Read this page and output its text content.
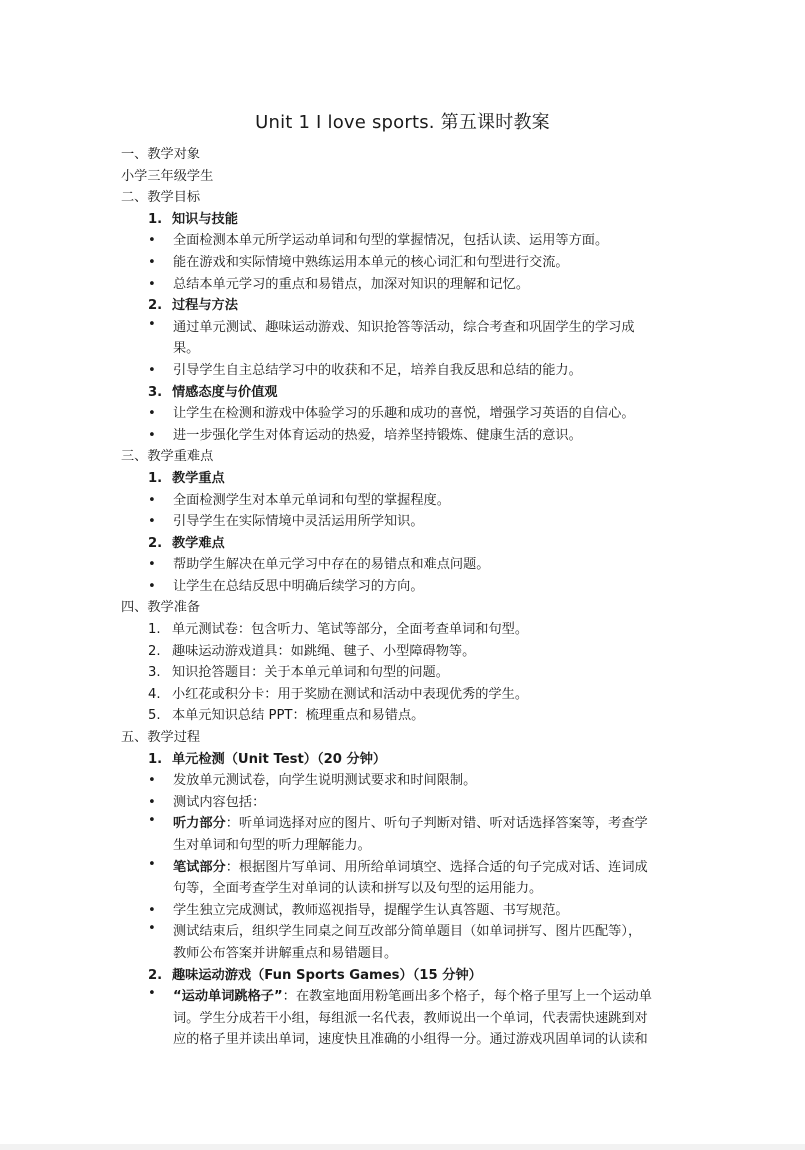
Unit 1 I love sports. 第五课时教案
一、教学对象
小学三年级学生
二、教学目标
1. 知识与技能
• 全面检测本单元所学运动单词和句型的掌握情况，包括认读、运用等方面。
• 能在游戏和实际情境中熟练运用本单元的核心词汇和句型进行交流。
• 总结本单元学习的重点和易错点，加深对知识的理解和记忆。
2. 过程与方法
• 通过单元测试、趣味运动游戏、知识抢答等活动，综合考查和巩固学生的学习成
果。
• 引导学生自主总结学习中的收获和不足，培养自我反思和总结的能力。
3. 情感态度与价值观
• 让学生在检测和游戏中体验学习的乐趣和成功的喜悦，增强学习英语的自信心。
• 进一步强化学生对体育运动的热爱，培养坚持锻炼、健康生活的意识。
三、教学重难点
1. 教学重点
• 全面检测学生对本单元单词和句型的掌握程度。
• 引导学生在实际情境中灵活运用所学知识。
2. 教学难点
• 帮助学生解决在单元学习中存在的易错点和难点问题。
• 让学生在总结反思中明确后续学习的方向。
四、教学准备
1. 单元测试卷：包含听力、笔试等部分，全面考查单词和句型。
2. 趣味运动游戏道具：如跳绳、毽子、小型障碍物等。
3. 知识抢答题目：关于本单元单词和句型的问题。
4. 小红花或积分卡：用于奖励在测试和活动中表现优秀的学生。
5. 本单元知识总结 PPT：梳理重点和易错点。
五、教学过程
1. 单元检测（Unit Test）（20 分钟）
• 发放单元测试卷，向学生说明测试要求和时间限制。
• 测试内容包括：
• 听力部分：听单词选择对应的图片、听句子判断对错、听对话选择答案等，考查学
生对单词和句型的听力理解能力。
• 笔试部分：根据图片写单词、用所给单词填空、选择合适的句子完成对话、连词成
句等，全面考查学生对单词的认读和拼写以及句型的运用能力。
• 学生独立完成测试，教师巡视指导，提醒学生认真答题、书写规范。
• 测试结束后，组织学生同桌之间互改部分简单题目（如单词拼写、图片匹配等），
教师公布答案并讲解重点和易错题目。
2. 趣味运动游戏（Fun Sports Games）（15 分钟）
• “运动单词跳格子”：在教室地面用粉笔画出多个格子，每个格子里写上一个运动单
词。学生分成若干小组，每组派一名代表，教师说出一个单词，代表需快速跳到对
应的格子里并读出单词，速度快且准确的小组得一分。通过游戏巩固单词的认读和
